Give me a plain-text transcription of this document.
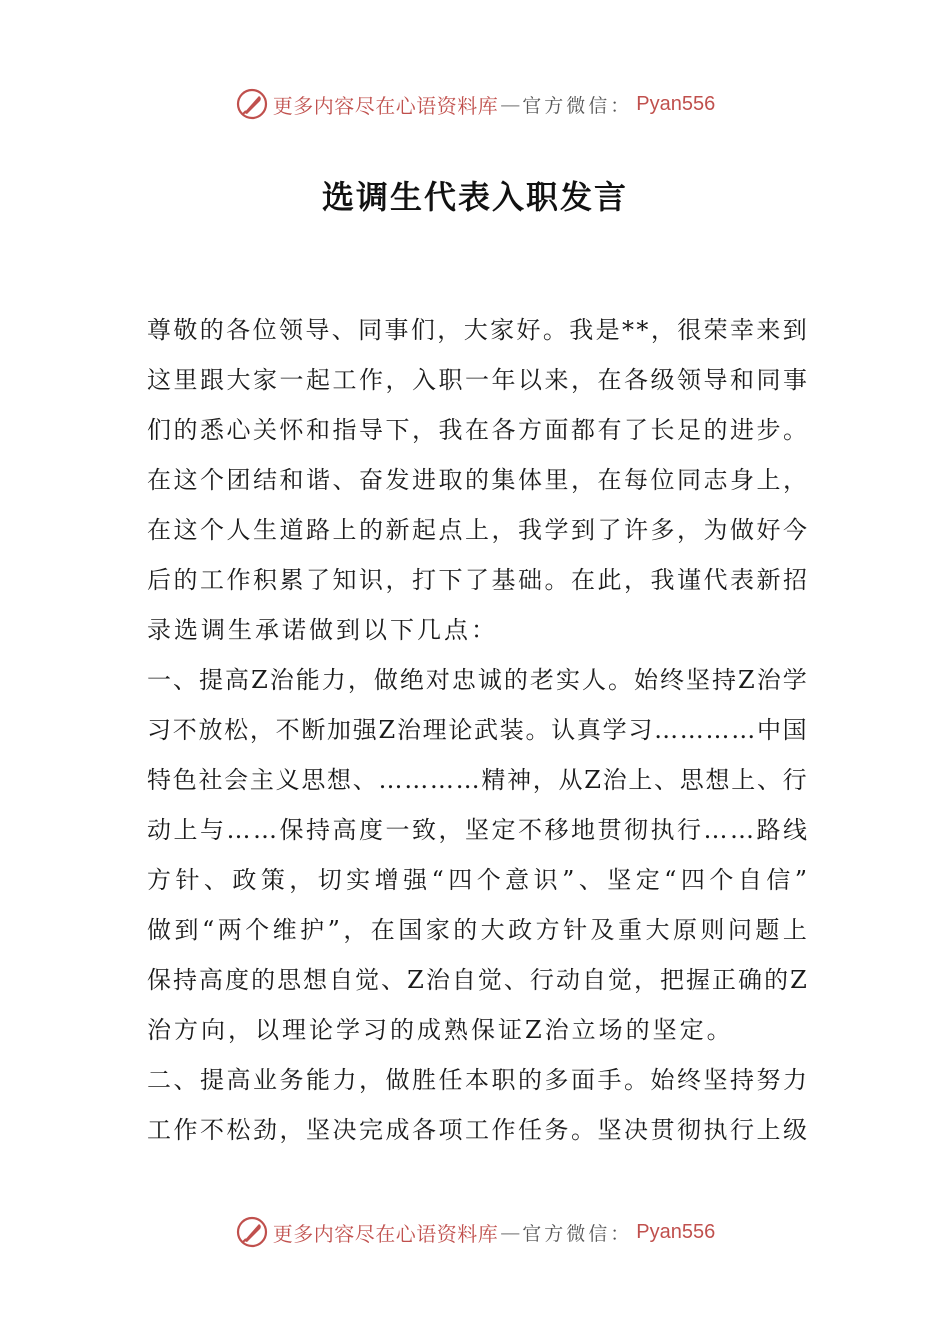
更多内容尽在心语资料库 — 官方微信： Pyan556
选调生代表入职发言
尊 敬 的 各 位 领 导 、 同 事 们 ， 大 家 好 。 我 是 * * ， 很 荣 幸 来 到
这 里 跟 大 家 一 起 工 作 ， 入 职 一 年 以 来 ， 在 各 级 领 导 和 同 事
们 的 悉 心 关 怀 和 指 导 下 ， 我 在 各 方 面 都 有 了 长 足 的 进 步 。
在 这 个 团 结 和 谐 、 奋 发 进 取 的 集 体 里 ， 在 每 位 同 志 身 上 ，
在 这 个 人 生 道 路 上 的 新 起 点 上 ， 我 学 到 了 许 多 ， 为 做 好 今
后 的 工 作 积 累 了 知 识 ， 打 下 了 基 础 。 在 此 ， 我 谨 代 表 新 招
录选调生承诺做到以下几点：
一 、 提 高 Z 治 能 力 ， 做 绝 对 忠 诚 的 老 实 人 。 始 终 坚 持 Z 治 学
习 不 放 松 ， 不 断 加 强 Z 治 理 论 武 装 。 认 真 学 习 … … … … 中 国
特 色 社 会 主 义 思 想 、 … … … … 精 神 ， 从 Z 治 上 、 思 想 上 、 行
动 上 与 … … 保 持 高 度 一 致 ， 坚 定 不 移 地 贯 彻 执 行 … … 路 线
方 针 、 政 策 ， 切 实 增 强 “ 四 个 意 识 ” 、 坚 定 “ 四 个 自 信 ”
做 到 “ 两 个 维 护 ” ， 在 国 家 的 大 政 方 针 及 重 大 原 则 问 题 上
保 持 高 度 的 思 想 自 觉 、 Z 治 自 觉 、 行 动 自 觉 ， 把 握 正 确 的 Z
治方向，以理论学习的成熟保证Z治立场的坚定。
二 、 提 高 业 务 能 力 ， 做 胜 任 本 职 的 多 面 手 。 始 终 坚 持 努 力
工 作 不 松 劲 ， 坚 决 完 成 各 项 工 作 任 务 。 坚 决 贯 彻 执 行 上 级
更多内容尽在心语资料库 — 官方微信： Pyan556
